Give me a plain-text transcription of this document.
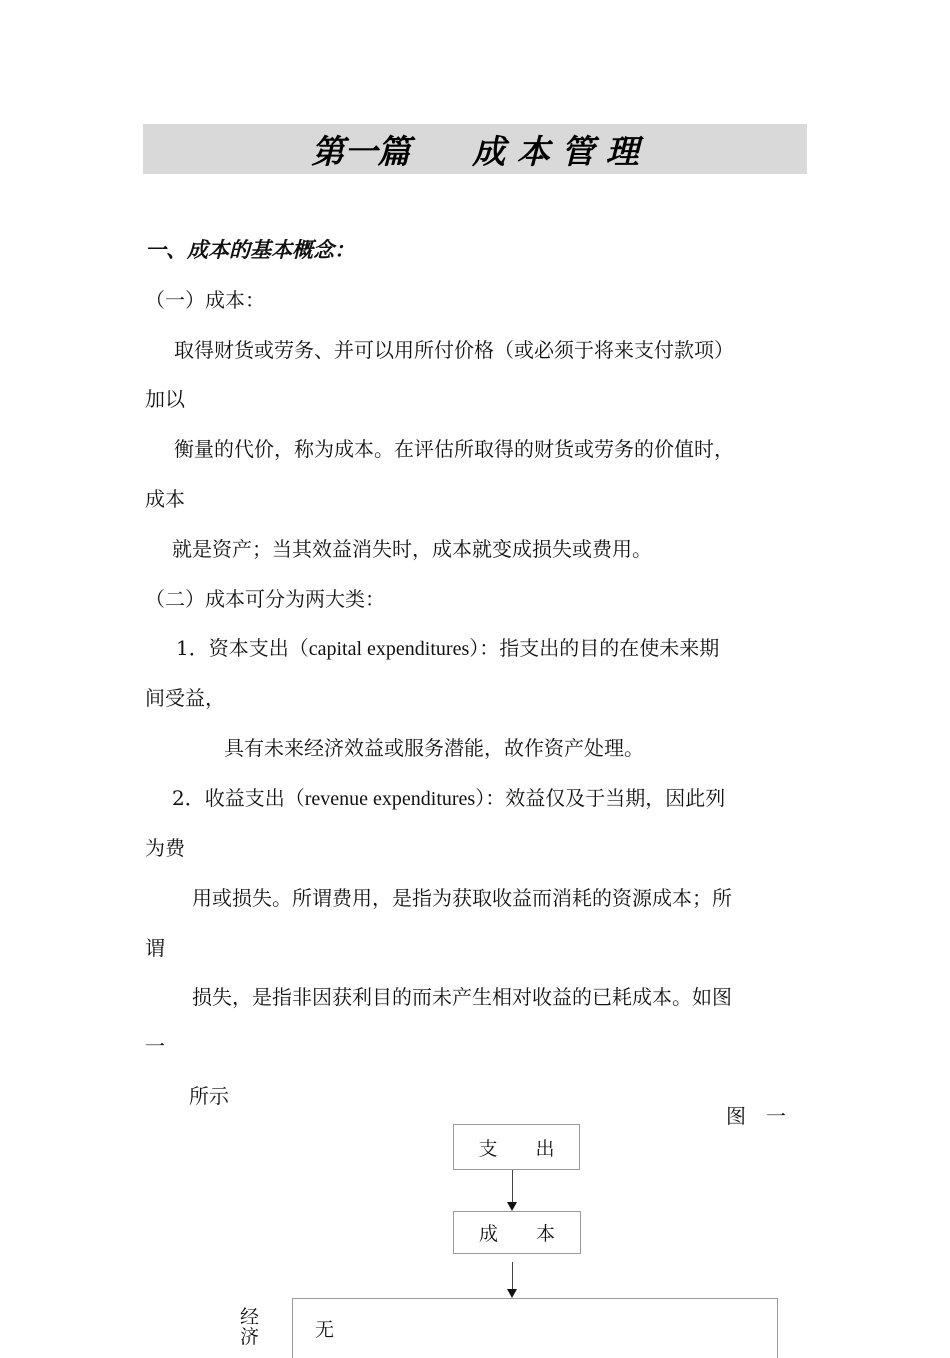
第一篇 成 本 管 理
一、成本的基本概念：
（一）成本：
取得财货或劳务、并可以用所付价格（或必须于将来支付款项）
加以
衡量的代价，称为成本。在评估所取得的财货或劳务的价值时，
成本
就是资产；当其效益消失时，成本就变成损失或费用。
（二）成本可分为两大类：
1．资本支出（capital expenditures）：指支出的目的在使未来期
间受益，
具有未来经济效益或服务潜能，故作资产处理。
2．收益支出（revenue expenditures）：效益仅及于当期，因此列
为费
用或损失。所谓费用，是指为获取收益而消耗的资源成本；所
谓
损失，是指非因获利目的而未产生相对收益的已耗成本。如图
一
所示
图　一
支　　出
成　　本
经
济	无
